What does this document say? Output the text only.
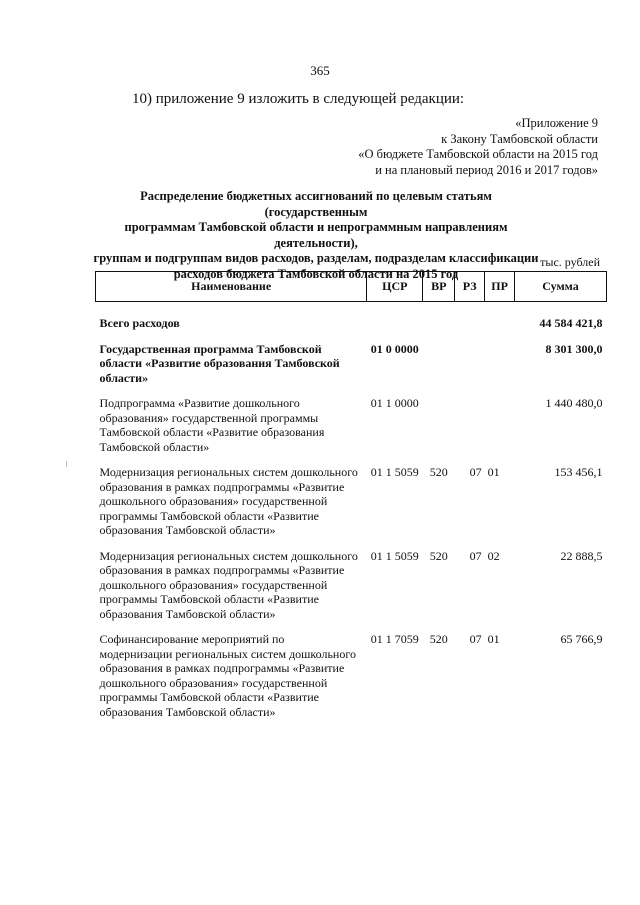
365
10) приложение 9 изложить в следующей редакции:
«Приложение 9
к Закону Тамбовской области
«О бюджете Тамбовской области на 2015 год
и на плановый период 2016 и 2017 годов»
Распределение бюджетных ассигнований по целевым статьям (государственным
программам Тамбовской области и непрограммным направлениям деятельности),
группам и подгруппам видов расходов, разделам, подразделам классификации
расходов бюджета Тамбовской области на 2015 год
тыс. рублей
Наименование	ЦСР	ВР	РЗ	ПР	Сумма

Всего расходов					44 584 421,8
Государственная программа Тамбовской области «Развитие образования Тамбовской области»	01 0 0000				8 301 300,0
Подпрограмма «Развитие дошкольного образования» государственной программы Тамбовской области «Развитие образования Тамбовской области»	01 1 0000				1 440 480,0
Модернизация региональных систем дошкольного образования в рамках подпрограммы «Развитие дошкольного образования» государственной программы Тамбовской области «Развитие образования Тамбовской области»	01 1 5059	520	07	01	153 456,1
Модернизация региональных систем дошкольного образования в рамках подпрограммы «Развитие дошкольного образования» государственной программы Тамбовской области «Развитие образования Тамбовской области»	01 1 5059	520	07	02	22 888,5
Софинансирование мероприятий по модернизации региональных систем дошкольного образования в рамках подпрограммы «Развитие дошкольного образования» государственной программы Тамбовской области «Развитие образования Тамбовской области»	01 1 7059	520	07	01	65 766,9
